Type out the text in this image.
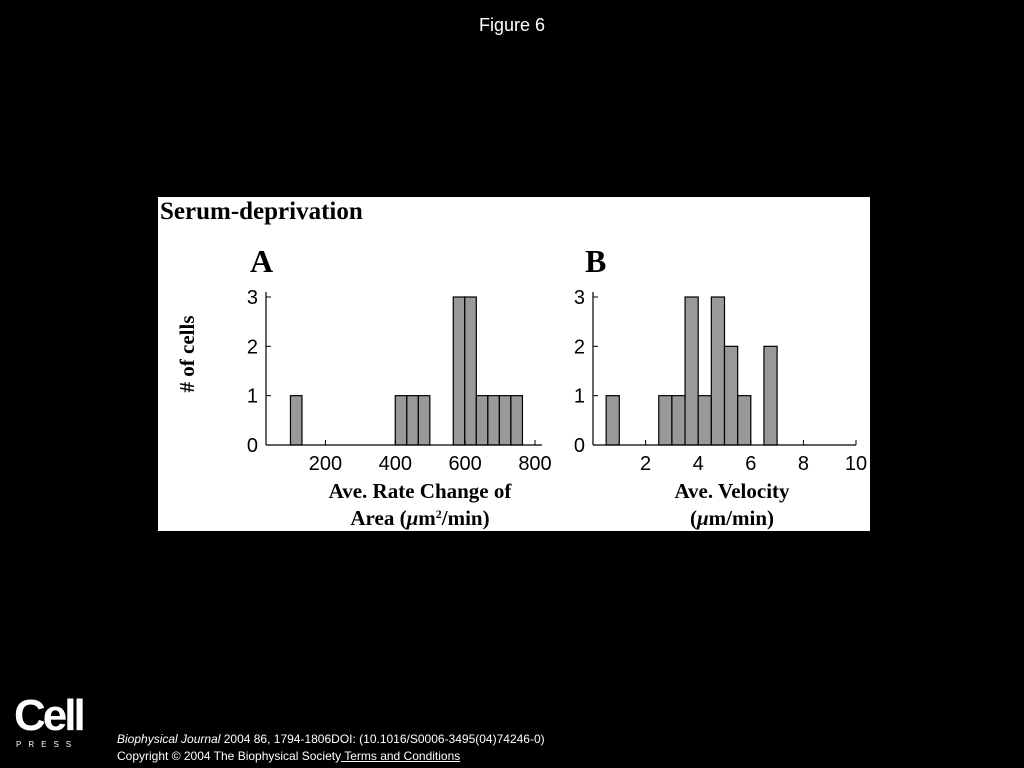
Figure 6
Serum-deprivation
A
0
1
2
3
200 400 600 800
Ave. Rate Change of
Area $(\mu m^2/\min)$
# of cells
B
0
1
2
3
2 4 6 8 10
Ave. Velocity
(μm/min)
Cell
PRESS	Biophysical Journal 2004 86, 1794-1806DOI: (10.1016/S0006-3495(04)74246-0)
Copyright © 2004 The Biophysical Society Terms and Conditions
